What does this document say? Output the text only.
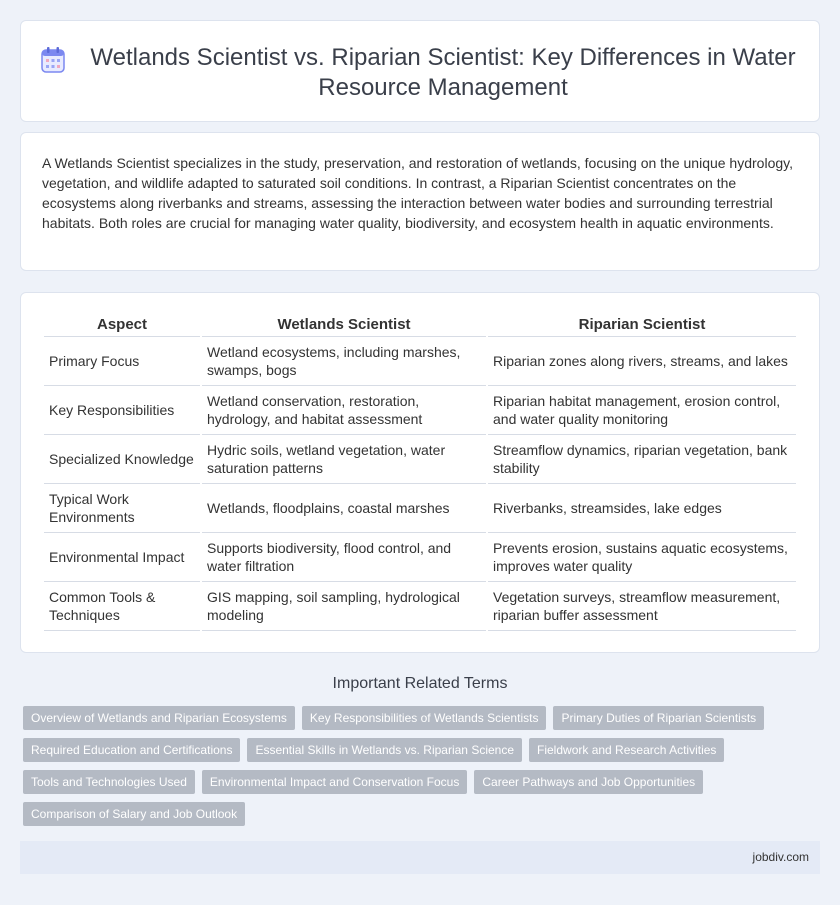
Wetlands Scientist vs. Riparian Scientist: Key Differences in Water Resource Management

A Wetlands Scientist specializes in the study, preservation, and restoration of wetlands, focusing on the unique hydrology, vegetation, and wildlife adapted to saturated soil conditions. In contrast, a Riparian Scientist concentrates on the ecosystems along riverbanks and streams, assessing the interaction between water bodies and surrounding terrestrial habitats. Both roles are crucial for managing water quality, biodiversity, and ecosystem health in aquatic environments.

Aspect	Wetlands Scientist	Riparian Scientist
Primary Focus	Wetland ecosystems, including marshes, swamps, bogs	Riparian zones along rivers, streams, and lakes
Key Responsibilities	Wetland conservation, restoration, hydrology, and habitat assessment	Riparian habitat management, erosion control, and water quality monitoring
Specialized Knowledge	Hydric soils, wetland vegetation, water saturation patterns	Streamflow dynamics, riparian vegetation, bank stability
Typical Work Environments	Wetlands, floodplains, coastal marshes	Riverbanks, streamsides, lake edges
Environmental Impact	Supports biodiversity, flood control, and water filtration	Prevents erosion, sustains aquatic ecosystems, improves water quality
Common Tools & Techniques	GIS mapping, soil sampling, hydrological modeling	Vegetation surveys, streamflow measurement, riparian buffer assessment
Important Related Terms
Overview of Wetlands and Riparian Ecosystems	Key Responsibilities of Wetlands Scientists	Primary Duties of Riparian Scientists
Required Education and Certifications	Essential Skills in Wetlands vs. Riparian Science	Fieldwork and Research Activities
Tools and Technologies Used	Environmental Impact and Conservation Focus	Career Pathways and Job Opportunities
Comparison of Salary and Job Outlook
jobdiv.com
